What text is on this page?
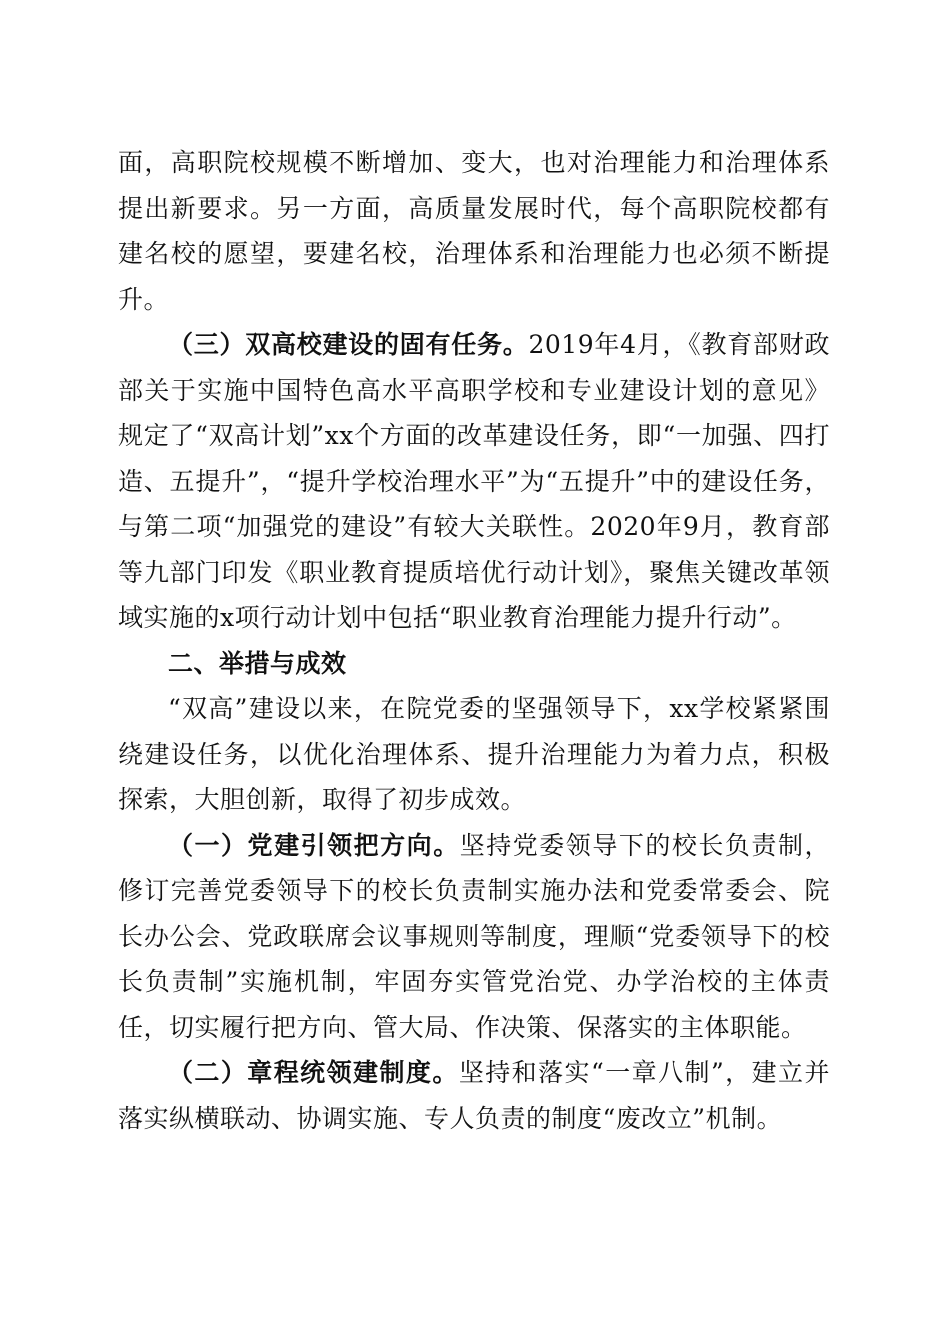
面，高职院校规模不断增加、变大，也对治理能力和治理体系提出新要求。另一方面，高质量发展时代，每个高职院校都有建名校的愿望，要建名校，治理体系和治理能力也必须不断提升。

（三）双高校建设的固有任务。2019年4月，《教育部财政部关于实施中国特色高水平高职学校和专业建设计划的意见》规定了“双高计划”xx个方面的改革建设任务，即“一加强、四打造、五提升”，“提升学校治理水平”为“五提升”中的建设任务，与第二项“加强党的建设”有较大关联性。2020年9月，教育部等九部门印发《职业教育提质培优行动计划》，聚焦关键改革领域实施的x项行动计划中包括“职业教育治理能力提升行动”。

二、举措与成效

“双高”建设以来，在院党委的坚强领导下，xx学校紧紧围绕建设任务，以优化治理体系、提升治理能力为着力点，积极探索，大胆创新，取得了初步成效。

（一）党建引领把方向。坚持党委领导下的校长负责制，修订完善党委领导下的校长负责制实施办法和党委常委会、院长办公会、党政联席会议事规则等制度，理顺“党委领导下的校长负责制”实施机制，牢固夯实管党治党、办学治校的主体责任，切实履行把方向、管大局、作决策、保落实的主体职能。

（二）章程统领建制度。坚持和落实“一章八制”，建立并落实纵横联动、协调实施、专人负责的制度“废改立”机制。
